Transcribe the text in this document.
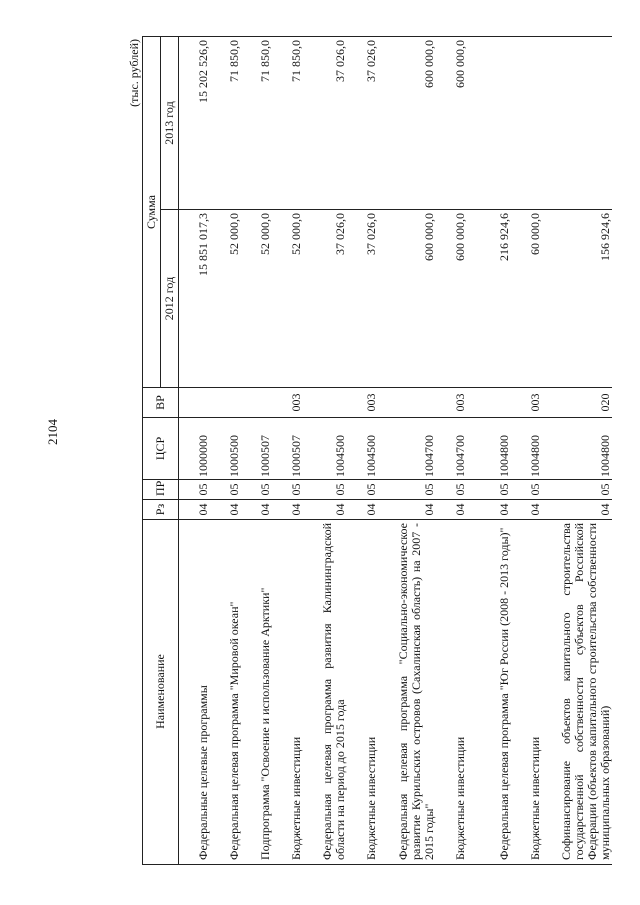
2104
(тыс. рублей)
Наименование	Рз	ПР	ЦСР	ВР	Сумма	
					2012 год	2013 год
Федеральные целевые программы	04	05	1000000		15 851 017,3	15 202 526,0
Федеральная целевая программа "Мировой океан"	04	05	1000500		52 000,0	71 850,0
Подпрограмма "Освоение и использование Арктики"	04	05	1000507		52 000,0	71 850,0
Бюджетные инвестиции	04	05	1000507	003	52 000,0	71 850,0
Федеральная целевая программа развития Калининградской области на период до 2015 года	04	05	1004500		37 026,0	37 026,0
Бюджетные инвестиции	04	05	1004500	003	37 026,0	37 026,0
Федеральная целевая программа "Социально-экономическое развитие Курильских островов (Сахалинская область) на 2007 - 2015 годы"	04	05	1004700		600 000,0	600 000,0
Бюджетные инвестиции	04	05	1004700	003	600 000,0	600 000,0
Федеральная целевая программа "Юг России (2008 - 2013 годы)"	04	05	1004800		216 924,6	
Бюджетные инвестиции	04	05	1004800	003	60 000,0	
Софинансирование объектов капитального строительства государственной собственности субъектов Российской Федерации (объектов капитального строительства собственности муниципальных образований)	04	05	1004800	020	156 924,6	
